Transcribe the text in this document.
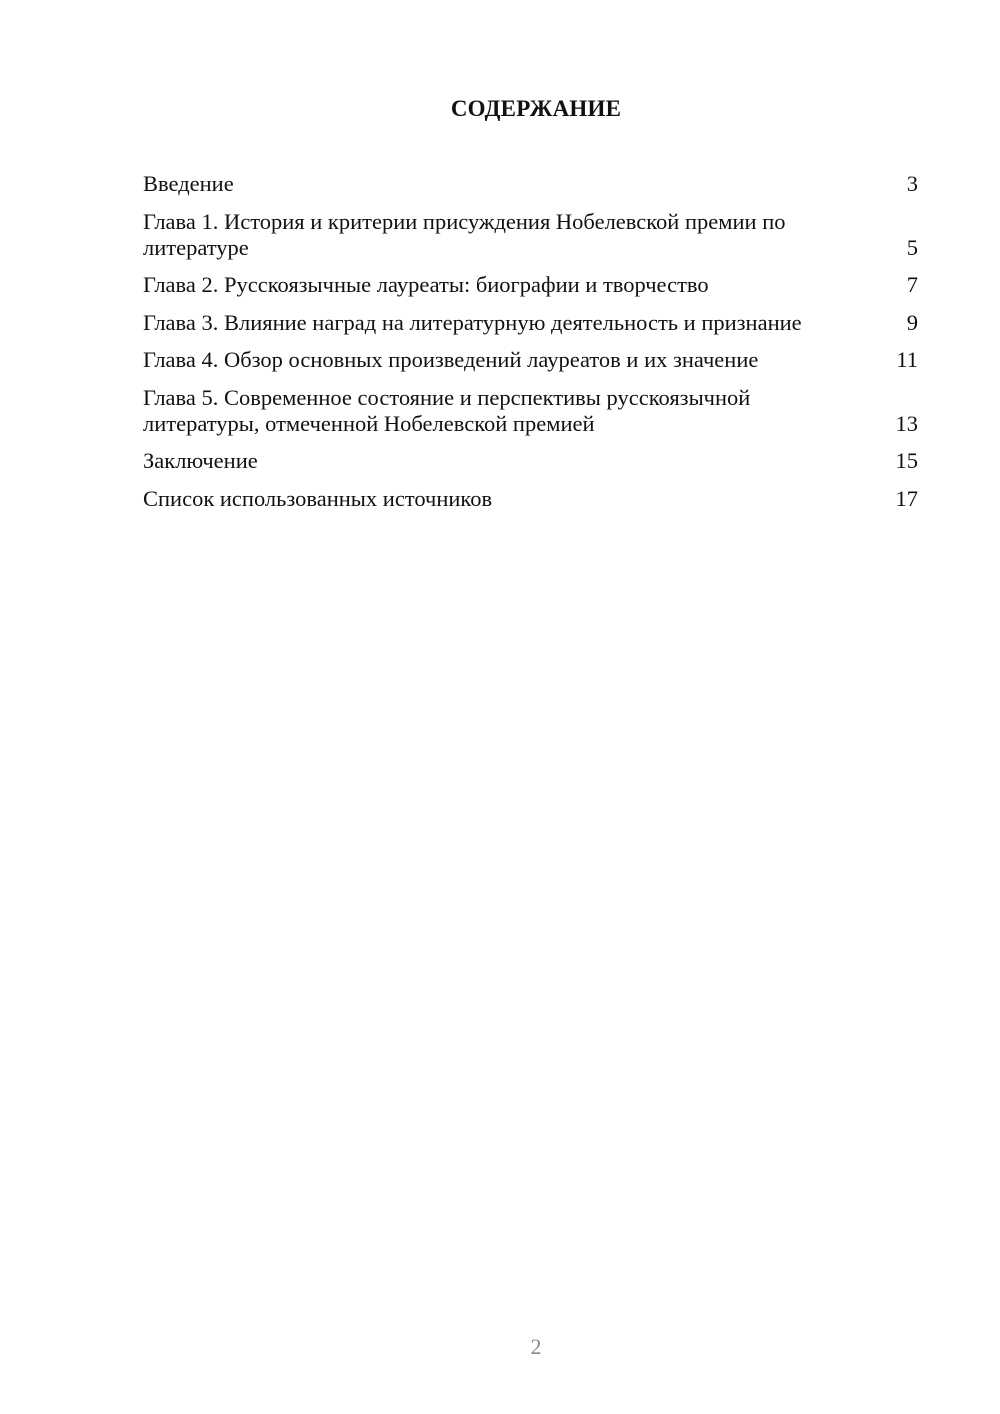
СОДЕРЖАНИЕ
Введение	3
Глава 1. История и критерии присуждения Нобелевской премии по литературе	5
Глава 2. Русскоязычные лауреаты: биографии и творчество	7
Глава 3. Влияние наград на литературную деятельность и признание	9
Глава 4. Обзор основных произведений лауреатов и их значение	11
Глава 5. Современное состояние и перспективы русскоязычной литературы, отмеченной Нобелевской премией	13
Заключение	15
Список использованных источников	17
2
